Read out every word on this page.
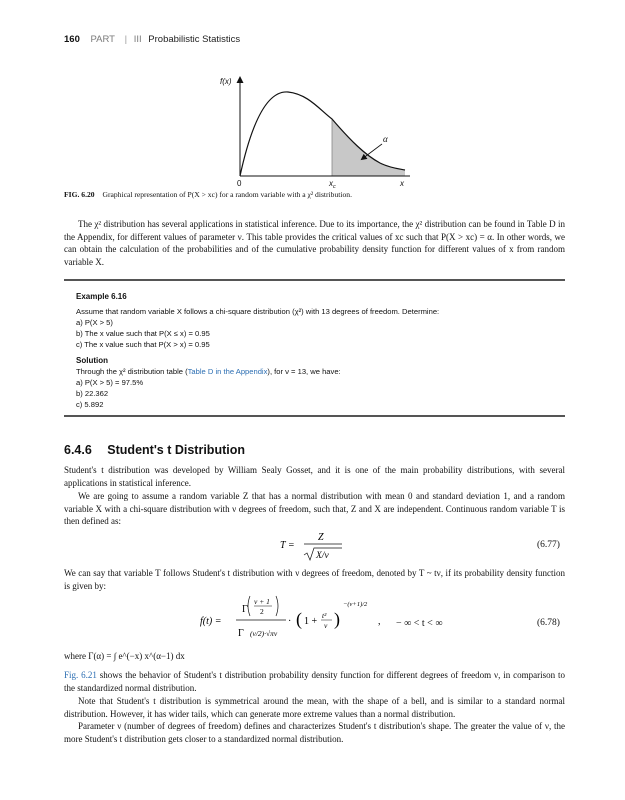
160 PART | III Probabilistic Statistics
f(x)
α
0	$x_c$	x
FIG. 6.20 Graphical representation of P(X > xc) for a random variable with a χ² distribution.
The χ² distribution has several applications in statistical inference. Due to its importance, the χ² distribution can be found in Table D in the Appendix, for different values of parameter ν. This table provides the critical values of xc such that P(X > xc) = α. In other words, we can obtain the calculation of the probabilities and of the cumulative probability density function for different values of x from random variable X.
Example 6.16
Assume that random variable X follows a chi-square distribution (χ²) with 13 degrees of freedom. Determine:
a) P(X > 5)
b) The x value such that P(X ≤ x) = 0.95
c) The x value such that P(X > x) = 0.95
Solution
Through the χ² distribution table (Table D in the Appendix), for ν = 13, we have:
a) P(X > 5) = 97.5%
b) 22.362
c) 5.892
6.4.6 Student's t Distribution
Student's t distribution was developed by William Sealy Gosset, and it is one of the main probability distributions, with several applications in statistical inference.
We are going to assume a random variable Z that has a normal distribution with mean 0 and standard deviation 1, and a random variable X with a chi-square distribution with ν degrees of freedom, such that, Z and X are independent. Continuous random variable T is then defined as:
T =
Z
X/ν
(6.77)
We can say that variable T follows Student's t distribution with ν degrees of freedom, denoted by T ~ tν, if its probability density function is given by:
f(t) =
Γ
ν + 1
2
Γ (ν/2)·√πν
· ( 1 +
t²
ν )
−(ν+1)/2
, − ∞ < t < ∞	(6.78)
where Γ(α) = ∫ e^(−x) x^(α−1) dx
Fig. 6.21 shows the behavior of Student's t distribution probability density function for different degrees of freedom ν, in comparison to the standardized normal distribution.
Note that Student's t distribution is symmetrical around the mean, with the shape of a bell, and is similar to a standard normal distribution. However, it has wider tails, which can generate more extreme values than a normal distribution.
Parameter ν (number of degrees of freedom) defines and characterizes Student's t distribution's shape. The greater the value of ν, the more Student's t distribution gets closer to a standardized normal distribution.
